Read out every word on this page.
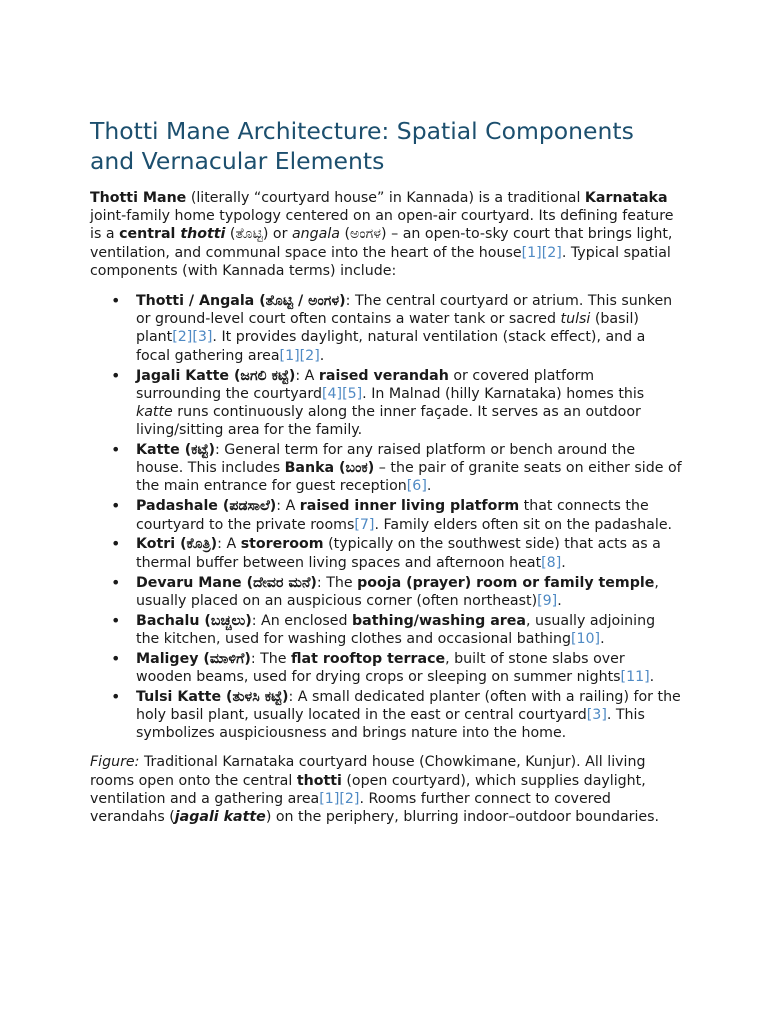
Thotti Mane Architecture: Spatial Components and Vernacular Elements

Thotti Mane (literally “courtyard house” in Kannada) is a traditional Karnataka joint-family home typology centered on an open-air courtyard. Its defining feature is a central thotti (ತೊಟ್ಟಿ) or angala (ಅಂಗಳ) – an open-to-sky court that brings light, ventilation, and communal space into the heart of the house[1][2]. Typical spatial components (with Kannada terms) include:

• Thotti / Angala (ತೊಟ್ಟಿ / ಅಂಗಳ): The central courtyard or atrium. This sunken or ground-level court often contains a water tank or sacred tulsi (basil) plant[2][3]. It provides daylight, natural ventilation (stack effect), and a focal gathering area[1][2].
• Jagali Katte (ಜಗಲಿ ಕಟ್ಟೆ): A raised verandah or covered platform surrounding the courtyard[4][5]. In Malnad (hilly Karnataka) homes this katte runs continuously along the inner façade. It serves as an outdoor living/sitting area for the family.
• Katte (ಕಟ್ಟೆ): General term for any raised platform or bench around the house. This includes Banka (ಬಂಕ) – the pair of granite seats on either side of the main entrance for guest reception[6].
• Padashale (ಪಡಸಾಲೆ): A raised inner living platform that connects the courtyard to the private rooms[7]. Family elders often sit on the padashale.
• Kotri (ಕೊತ್ರಿ): A storeroom (typically on the southwest side) that acts as a thermal buffer between living spaces and afternoon heat[8].
• Devaru Mane (ದೇವರ ಮನೆ): The pooja (prayer) room or family temple, usually placed on an auspicious corner (often northeast)[9].
• Bachalu (ಬಚ್ಚಲು): An enclosed bathing/washing area, usually adjoining the kitchen, used for washing clothes and occasional bathing[10].
• Maligey (ಮಾಳಿಗೆ): The flat rooftop terrace, built of stone slabs over wooden beams, used for drying crops or sleeping on summer nights[11].
• Tulsi Katte (ತುಳಸಿ ಕಟ್ಟೆ): A small dedicated planter (often with a railing) for the holy basil plant, usually located in the east or central courtyard[3]. This symbolizes auspiciousness and brings nature into the home.

Figure: Traditional Karnataka courtyard house (Chowkimane, Kunjur). All living rooms open onto the central thotti (open courtyard), which supplies daylight, ventilation and a gathering area[1][2]. Rooms further connect to covered verandahs (jagali katte) on the periphery, blurring indoor–outdoor boundaries.
